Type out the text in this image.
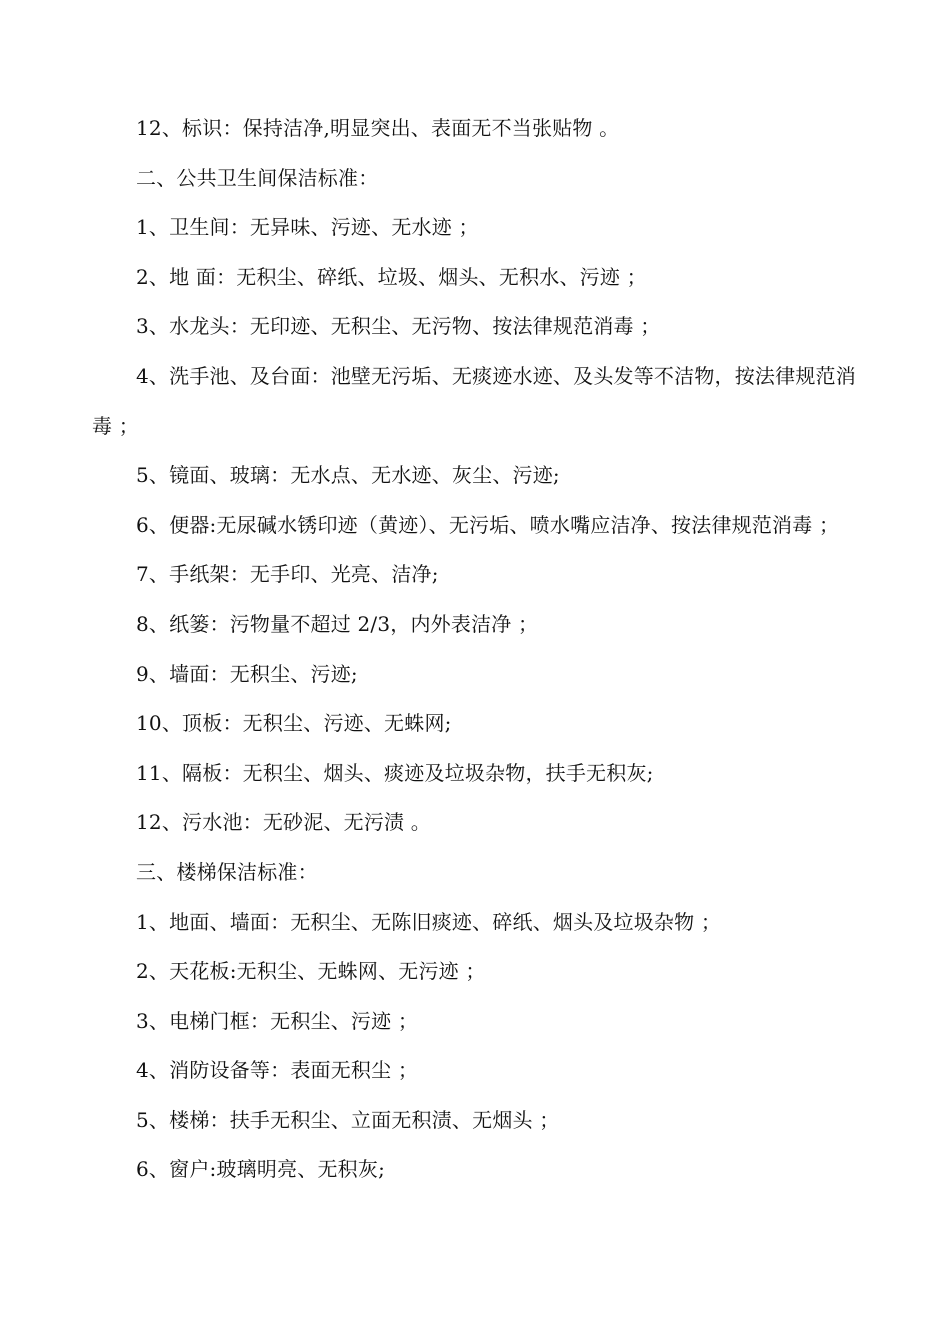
12、标识：保持洁净,明显突出、表面无不当张贴物 。

二、公共卫生间保洁标准：

1、卫生间：无异味、污迹、无水迹 ；

2、地 面：无积尘、碎纸、垃圾、烟头、无积水、污迹 ；

3、水龙头：无印迹、无积尘、无污物、按法律规范消毒 ；

4、洗手池、及台面：池壁无污垢、无痰迹水迹、及头发等不洁物，按法律规范消毒 ；

5、镜面、玻璃：无水点、无水迹、灰尘、污迹;

6、便器:无尿碱水锈印迹（黄迹）、无污垢、喷水嘴应洁净、按法律规范消毒 ；

7、手纸架：无手印、光亮、洁净;

8、纸篓：污物量不超过 2/3，内外表洁净 ；

9、墙面：无积尘、污迹;

10、顶板：无积尘、污迹、无蛛网;

11、隔板：无积尘、烟头、痰迹及垃圾杂物，扶手无积灰;

12、污水池：无砂泥、无污渍 。

三、楼梯保洁标准：

1、地面、墙面：无积尘、无陈旧痰迹、碎纸、烟头及垃圾杂物 ；

2、天花板:无积尘、无蛛网、无污迹 ；

3、电梯门框：无积尘、污迹 ；

4、消防设备等：表面无积尘 ；

5、楼梯：扶手无积尘、立面无积渍、无烟头 ；

6、窗户:玻璃明亮、无积灰;
